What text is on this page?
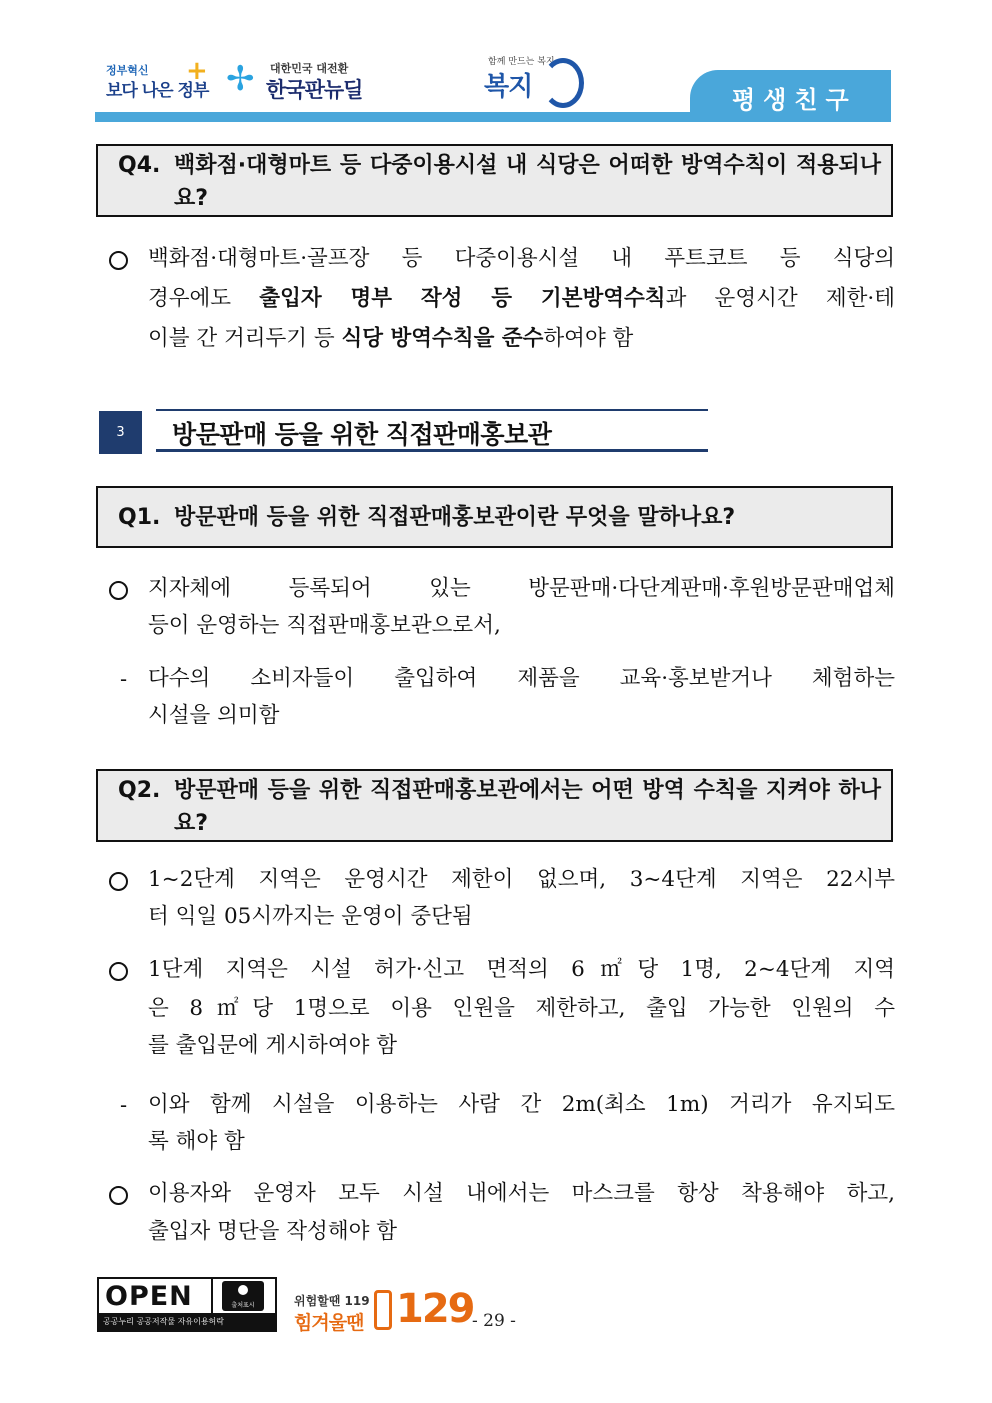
정부혁신
보다 나은 정부
+ ✢ 대한민국 대전환
한국판뉴딜
함께 만드는 복지
복지	평생친구
Q4. 백화점·대형마트 등 다중이용시설 내 식당은 어떠한 방역수칙이 적용되나요?
백화점·대형마트·골프장 등 다중이용시설 내 푸트코트 등 식당의
경우에도 출입자 명부 작성 등 기본방역수칙과 운영시간 제한·테
이블 간 거리두기 등 식당 방역수칙을 준수하여야 함
3	방문판매 등을 위한 직접판매홍보관
Q1. 방문판매 등을 위한 직접판매홍보관이란 무엇을 말하나요?
지자체에 등록되어 있는 방문판매·다단계판매·후원방문판매업체
등이 운영하는 직접판매홍보관으로서,
- 다수의 소비자들이 출입하여 제품을 교육·홍보받거나 체험하는
시설을 의미함
Q2. 방문판매 등을 위한 직접판매홍보관에서는 어떤 방역 수칙을 지켜야 하나요?
1~2단계 지역은 운영시간 제한이 없으며, 3~4단계 지역은 22시부
터 익일 05시까지는 운영이 중단됨
1단계 지역은 시설 허가·신고 면적의 6㎡당 1명, 2~4단계 지역
은 8㎡당 1명으로 이용 인원을 제한하고, 출입 가능한 인원의 수
를 출입문에 게시하여야 함
- 이와 함께 시설을 이용하는 사람 간 2m(최소 1m) 거리가 유지되도
록 해야 함
이용자와 운영자 모두 시설 내에서는 마스크를 항상 착용해야 하고,
출입자 명단을 작성해야 함
OPEN	출처표시
공공누리 공공저작물 자유이용허락
위험할땐 119
힘겨울땐 129
- 29 -
